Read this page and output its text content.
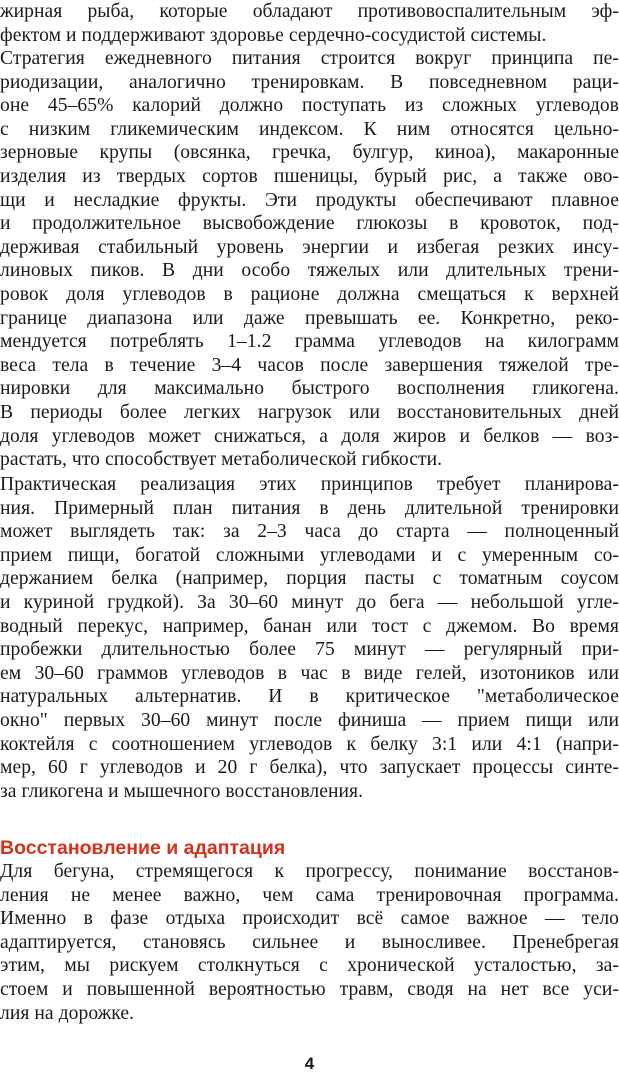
жирная рыба, которые обладают противовоспалительным эф-
фектом и поддерживают здоровье сердечно-сосудистой системы.
Стратегия ежедневного питания строится вокруг принципа пе-
риодизации, аналогично тренировкам. В повседневном раци-
оне 45–65% калорий должно поступать из сложных углеводов
с низким гликемическим индексом. К ним относятся цельно-
зерновые крупы (овсянка, гречка, булгур, киноа), макаронные
изделия из твердых сортов пшеницы, бурый рис, а также ово-
щи и несладкие фрукты. Эти продукты обеспечивают плавное
и продолжительное высвобождение глюкозы в кровоток, под-
держивая стабильный уровень энергии и избегая резких инсу-
линовых пиков. В дни особо тяжелых или длительных трени-
ровок доля углеводов в рационе должна смещаться к верхней
границе диапазона или даже превышать ее. Конкретно, реко-
мендуется потреблять 1–1.2 грамма углеводов на килограмм
веса тела в течение 3–4 часов после завершения тяжелой тре-
нировки для максимально быстрого восполнения гликогена.
В периоды более легких нагрузок или восстановительных дней
доля углеводов может снижаться, а доля жиров и белков — воз-
растать, что способствует метаболической гибкости.
Практическая реализация этих принципов требует планирова-
ния. Примерный план питания в день длительной тренировки
может выглядеть так: за 2–3 часа до старта — полноценный
прием пищи, богатой сложными углеводами и с умеренным со-
держанием белка (например, порция пасты с томатным соусом
и куриной грудкой). За 30–60 минут до бега — небольшой угле-
водный перекус, например, банан или тост с джемом. Во время
пробежки длительностью более 75 минут — регулярный при-
ем 30–60 граммов углеводов в час в виде гелей, изотоников или
натуральных альтернатив. И в критическое "метаболическое
окно" первых 30–60 минут после финиша — прием пищи или
коктейля с соотношением углеводов к белку 3:1 или 4:1 (напри-
мер, 60 г углеводов и 20 г белка), что запускает процессы синте-
за гликогена и мышечного восстановления.
Восстановление и адаптация
Для бегуна, стремящегося к прогрессу, понимание восстанов-
ления не менее важно, чем сама тренировочная программа.
Именно в фазе отдыха происходит всё самое важное — тело
адаптируется, становясь сильнее и выносливее. Пренебрегая
этим, мы рискуем столкнуться с хронической усталостью, за-
стоем и повышенной вероятностью травм, сводя на нет все уси-
лия на дорожке.
4
